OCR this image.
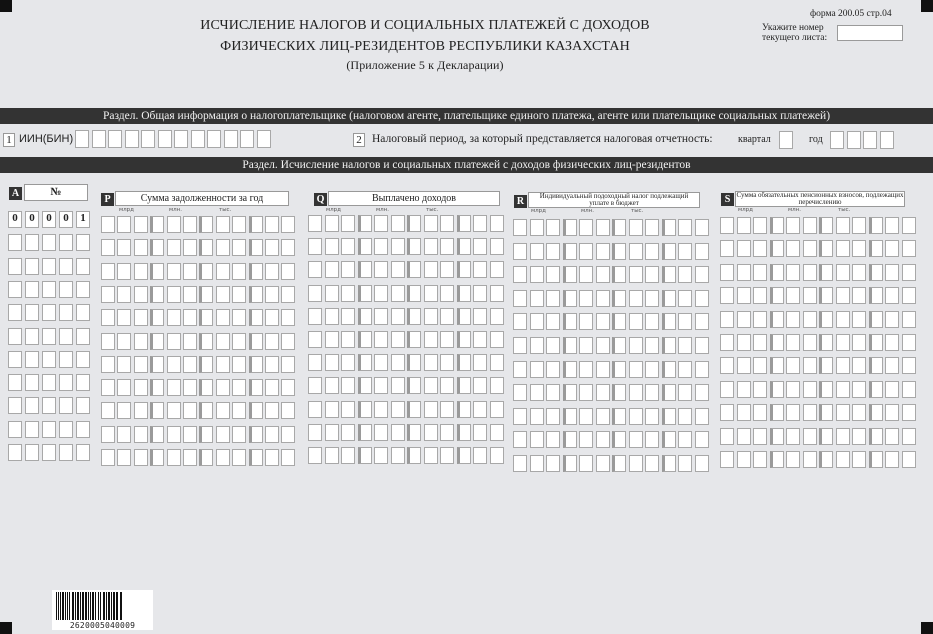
ИСЧИСЛЕНИЕ НАЛОГОВ И СОЦИАЛЬНЫХ ПЛАТЕЖЕЙ С ДОХОДОВ
ФИЗИЧЕСКИХ ЛИЦ-РЕЗИДЕНТОВ РЕСПУБЛИКИ КАЗАХСТАН
(Приложение 5 к Декларации)
форма 200.05 стр.04
Укажите номер текущего листа:
Раздел. Общая информация о налогоплательщике (налоговом агенте, плательщике единого платежа, агенте или плательщике социальных платежей)
1 ИИН(БИН)	2 Налоговый период, за который представляется налоговая отчетность:	квартал	год
Раздел. Исчисление налогов и социальных платежей с доходов физических лиц-резидентов
A	№
P	Сумма задолженности за год	Q	Выплачено доходов	R	Индивидуальный подоходный налог подлежащий уплате в бюджет	S Сумма обязательных пенсионных взносов, подлежащих перечислению
2620005040009
0	0	0	0	1
млрд	млн.	тыс.	млрд	млн.	тыс.	млрд	млн.	тыс.	млрд	млн.	тыс.
